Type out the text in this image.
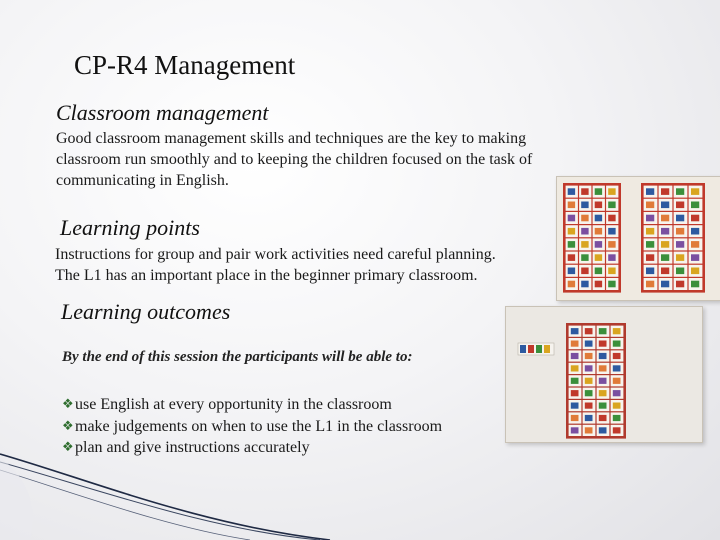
CP-R4 Management
Classroom management
Good classroom management skills and techniques are the key to making
classroom run smoothly and to keeping the children focused on the task of
communicating in English.
Learning points
Instructions for group and pair work activities need careful planning.
The L1 has an important place in the beginner primary classroom.
Learning outcomes

By the end of this session the participants will be able to:

❖use English at every opportunity in the classroom
❖make judgements on when to use the L1 in the classroom
❖plan and give instructions accurately
